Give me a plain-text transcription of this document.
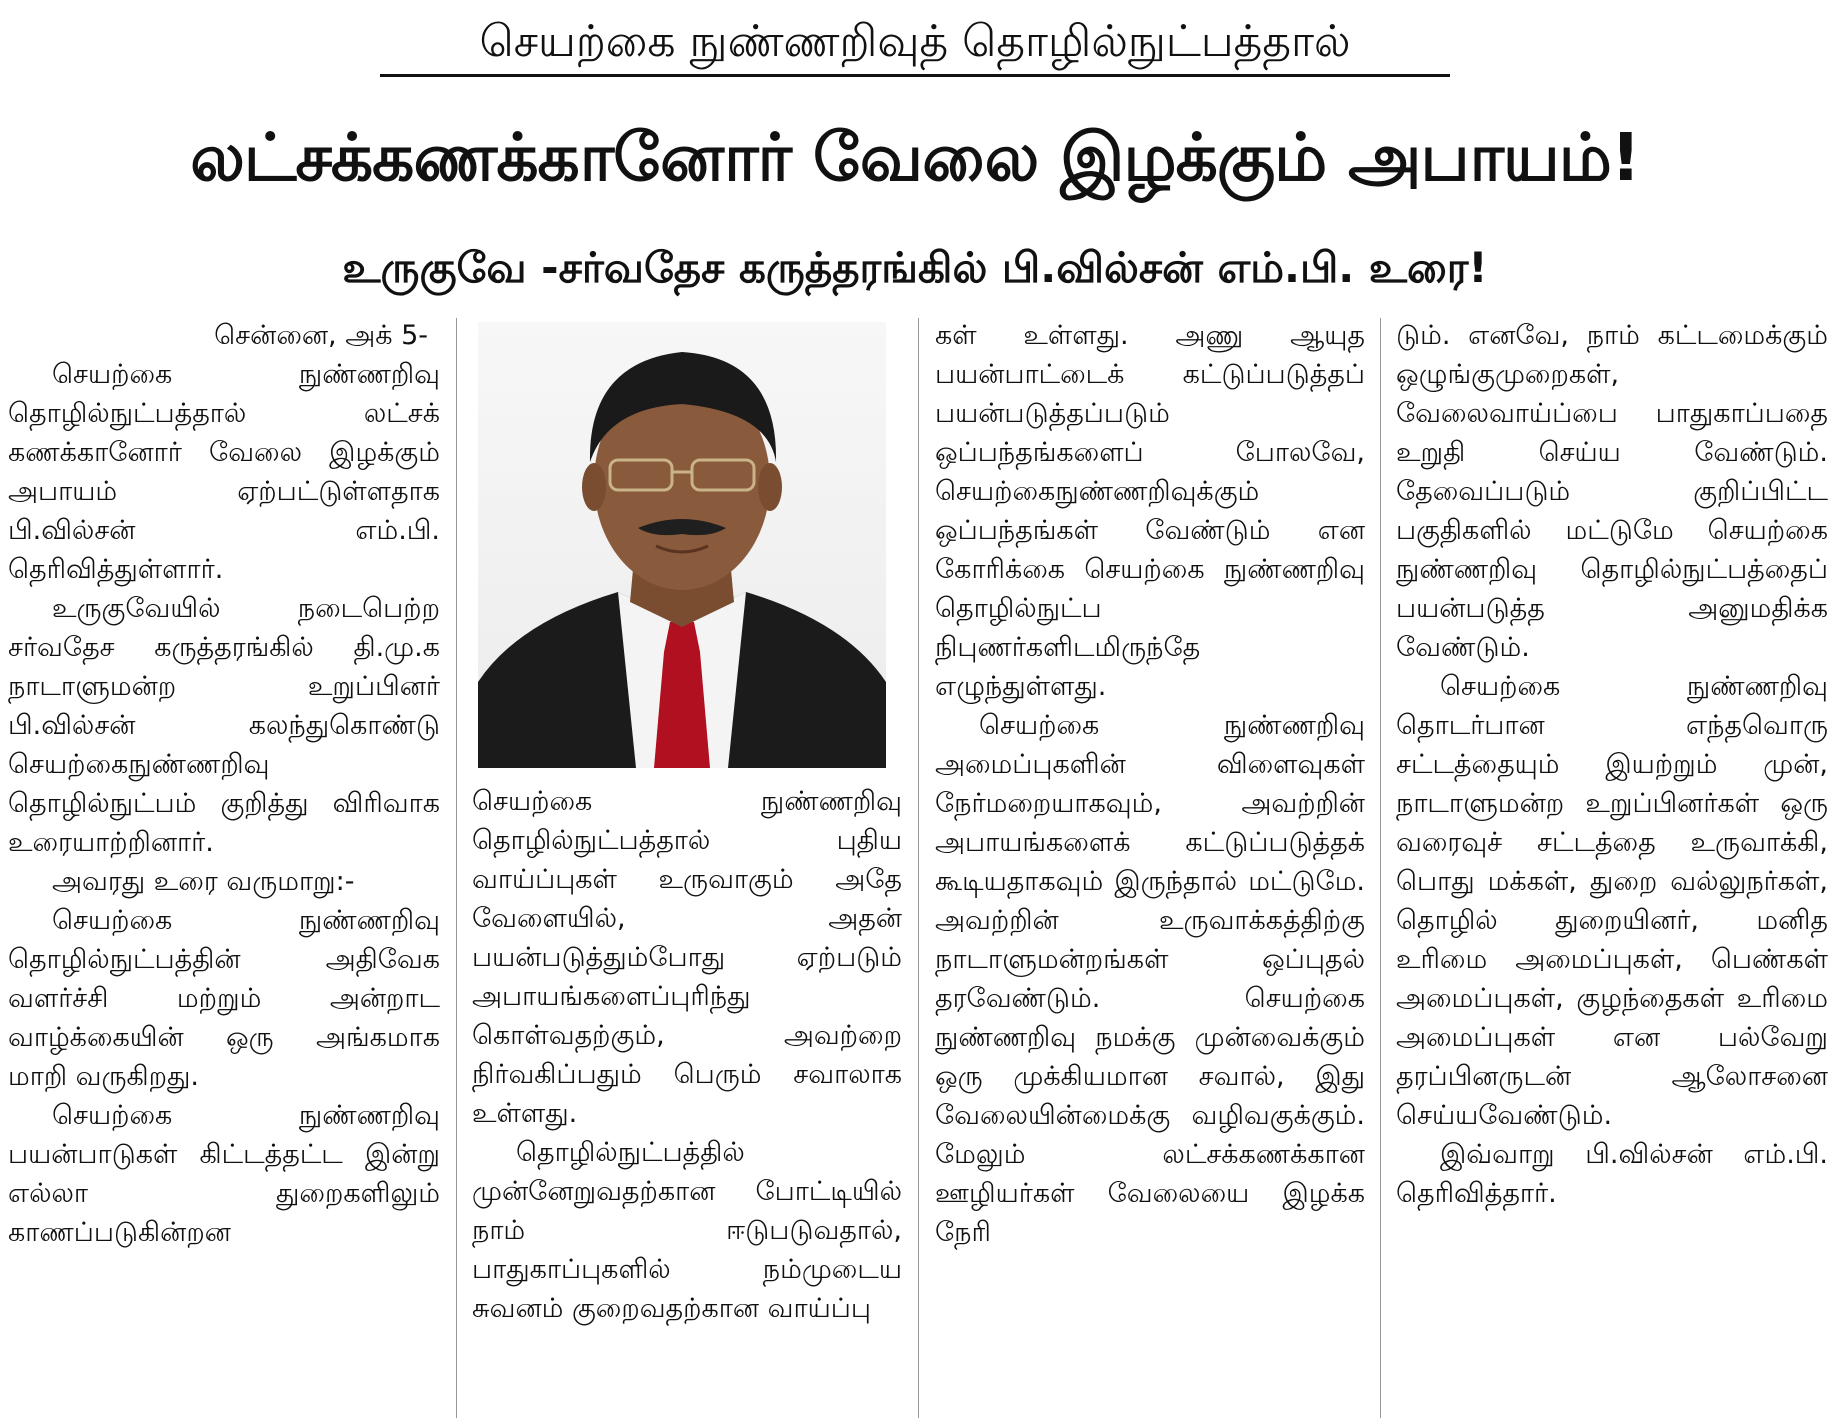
செயற்கை நுண்ணறிவுத் தொழில்நுட்பத்தால்
லட்சக்கணக்கானோர் வேலை இழக்கும் அபாயம்!
உருகுவே -சர்வதேச கருத்தரங்கில் பி.வில்சன் எம்.பி. உரை!

சென்னை, அக் 5-

செயற்கை நுண்ணறிவு தொழில்நுட்பத்தால் லட்சக் கணக்கானோர் வேலை இழக்கும் அபாயம் ஏற்பட்டுள்ளதாக பி.வில்சன் எம்.பி. தெரிவித்துள்ளார்.

உருகுவேயில் நடைபெற்ற சர்வதேச கருத்தரங்கில் தி.மு.க நாடாளுமன்ற உறுப்பினர் பி.வில்சன் கலந்துகொண்டு செயற்கைநுண்ணறிவு தொழில்நுட்பம் குறித்து விரிவாக உரையாற்றினார்.

அவரது உரை வருமாறு:-

செயற்கை நுண்ணறிவு தொழில்நுட்பத்தின் அதிவேக வளர்ச்சி மற்றும் அன்றாட வாழ்க்கையின் ஒரு அங்கமாக மாறி வருகிறது.

செயற்கை நுண்ணறிவு பயன்பாடுகள் கிட்டத்தட்ட இன்று எல்லா துறைகளிலும் காணப்படுகின்றன

செயற்கை நுண்ணறிவு தொழில்நுட்பத்தால் புதிய வாய்ப்புகள் உருவாகும் அதே வேளையில், அதன் பயன்படுத்தும்போது ஏற்படும் அபாயங்களைப்புரிந்து கொள்வதற்கும், அவற்றை நிர்வகிப்பதும் பெரும் சவாலாக உள்ளது.

தொழில்நுட்பத்தில் முன்னேறுவதற்கான போட்டியில் நாம் ஈடுபடுவதால், பாதுகாப்புகளில் நம்முடைய சுவனம் குறைவதற்கான வாய்ப்பு

கள் உள்ளது. அணு ஆயுத பயன்பாட்டைக் கட்டுப்படுத்தப் பயன்படுத்தப்படும் ஒப்பந்தங்களைப் போலவே, செயற்கைநுண்ணறிவுக்கும் ஒப்பந்தங்கள் வேண்டும் என கோரிக்கை செயற்கை நுண்ணறிவு தொழில்நுட்ப நிபுணர்களிடமிருந்தே எழுந்துள்ளது.

செயற்கை நுண்ணறிவு அமைப்புகளின் விளைவுகள் நேர்மறையாகவும், அவற்றின் அபாயங்களைக் கட்டுப்படுத்தக் கூடியதாகவும் இருந்தால் மட்டுமே. அவற்றின் உருவாக்கத்திற்கு நாடாளுமன்றங்கள் ஒப்புதல் தரவேண்டும். செயற்கை நுண்ணறிவு நமக்கு முன்வைக்கும் ஒரு முக்கியமான சவால், இது வேலையின்மைக்கு வழிவகுக்கும். மேலும் லட்சக்கணக்கான ஊழியர்கள் வேலையை இழக்க நேரி

டும். எனவே, நாம் கட்டமைக்கும் ஒழுங்குமுறைகள், வேலைவாய்ப்பை பாதுகாப்பதை உறுதி செய்ய வேண்டும். தேவைப்படும் குறிப்பிட்ட பகுதிகளில் மட்டுமே செயற்கை நுண்ணறிவு தொழில்நுட்பத்தைப் பயன்படுத்த அனுமதிக்க வேண்டும்.

செயற்கை நுண்ணறிவு தொடர்பான எந்தவொரு சட்டத்தையும் இயற்றும் முன், நாடாளுமன்ற உறுப்பினர்கள் ஒரு வரைவுச் சட்டத்தை உருவாக்கி, பொது மக்கள், துறை வல்லுநர்கள், தொழில் துறையினர், மனித உரிமை அமைப்புகள், பெண்கள் அமைப்புகள், குழந்தைகள் உரிமை அமைப்புகள் என பல்வேறு தரப்பினருடன் ஆலோசனை செய்யவேண்டும்.

இவ்வாறு பி.வில்சன் எம்.பி. தெரிவித்தார்.
